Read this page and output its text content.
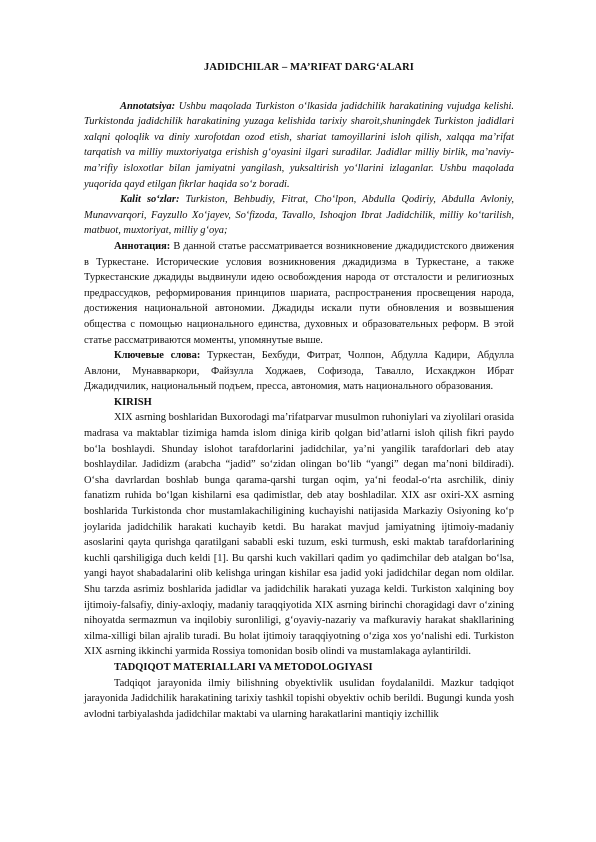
JADIDCHILAR – MA’RIFAT DARG‘ALARI

Annotatsiya: Ushbu maqolada Turkiston o‘lkasida jadidchilik harakatining vujudga kelishi. Turkistonda jadidchilik harakatining yuzaga kelishida tarixiy sharoit,shuningdek Turkiston jadidlari xalqni qoloqlik va diniy xurofotdan ozod etish, shariat tamoyillarini isloh qilish, xalqqa ma’rifat tarqatish va milliy muxtoriyatga erishish g‘oyasini ilgari suradilar. Jadidlar milliy birlik, ma’naviy-ma’rifiy isloxotlar bilan jamiyatni yangilash, yuksaltirish yo‘llarini izlaganlar. Ushbu maqolada yuqorida qayd etilgan fikrlar haqida so‘z boradi.

Kalit so‘zlar: Turkiston, Behbudiy, Fitrat, Cho‘lpon, Abdulla Qodiriy, Abdulla Avloniy, Munavvarqori, Fayzullo Xo‘jayev, So‘fizoda, Tavallo, Ishoqjon Ibrat Jadidchilik, milliy ko‘tarilish, matbuot, muxtoriyat, milliy g‘oya;

Аннотация: В данной статье рассматривается возникновение джадидистского движения в Туркестане. Исторические условия возникновения джадидизма в Туркестане, а также Туркестанские джадиды выдвинули идею освобождения народа от отсталости и религиозных предрассудков, реформирования принципов шариата, распространения просвещения народа, достижения национальной автономии. Джадиды искали пути обновления и возвышения общества с помощью национального единства, духовных и образовательных реформ. В этой статье рассматриваются моменты, упомянутые выше.

Ключевые слова: Туркестан, Бехбуди, Фитрат, Чолпон, Абдулла Кадири, Абдулла Авлони, Мунавваркори, Файзулла Ходжаев, Софизода, Тавалло, Исхакджон Ибрат Джадидчилик, национальный подъем, пресса, автономия, мать национального образования.

KIRISH

XIX asrning boshlaridan Buxorodagi ma’rifatparvar musulmon ruhoniylari va ziyolilari orasida madrasa va maktablar tizimiga hamda islom diniga kirib qolgan bid’atlarni isloh qilish fikri paydo bo‘la boshlaydi. Shunday islohot tarafdorlarini jadidchilar, ya’ni yangilik tarafdorlari deb atay boshlaydilar. Jadidizm (arabcha “jadid” so‘zidan olingan bo‘lib “yangi” degan ma’noni bildiradi). O‘sha davrlardan boshlab bunga qarama-qarshi turgan oqim, ya‘ni feodal-o‘rta asrchilik, diniy fanatizm ruhida bo‘lgan kishilarni esa qadimistlar, deb atay boshladilar. XIX asr oxiri-XX asrning boshlarida Turkistonda chor mustamlakachiligining kuchayishi natijasida Markaziy Osiyoning ko‘p joylarida jadidchilik harakati kuchayib ketdi. Bu harakat mavjud jamiyatning ijtimoiy-madaniy asoslarini qayta qurishga qaratilgani sababli eski tuzum, eski turmush, eski maktab tarafdorlarining kuchli qarshiligiga duch keldi [1]. Bu qarshi kuch vakillari qadim yo qadimchilar deb atalgan bo‘lsa, yangi hayot shabadalarini olib kelishga uringan kishilar esa jadid yoki jadidchilar degan nom oldilar. Shu tarzda asrimiz boshlarida jadidlar va jadidchilik harakati yuzaga keldi. Turkiston xalqining boy ijtimoiy-falsafiy, diniy-axloqiy, madaniy taraqqiyotida XIX asrning birinchi choragidagi davr o‘zining nihoyatda sermazmun va inqilobiy suronliligi, g‘oyaviy-nazariy va mafkuraviy harakat shakllarining xilma-xilligi bilan ajralib turadi. Bu holat ijtimoiy taraqqiyotning o‘ziga xos yo‘nalishi edi. Turkiston XIX asrning ikkinchi yarmida Rossiya tomonidan bosib olindi va mustamlakaga aylantirildi.

TADQIQOT MATERIALLARI VA METODOLOGIYASI

Tadqiqot jarayonida ilmiy bilishning obyektivlik usulidan foydalanildi. Mazkur tadqiqot jarayonida Jadidchilik harakatining tarixiy tashkil topishi obyektiv ochib berildi. Bugungi kunda yosh avlodni tarbiyalashda jadidchilar maktabi va ularning harakatlarini mantiqiy izchillik
